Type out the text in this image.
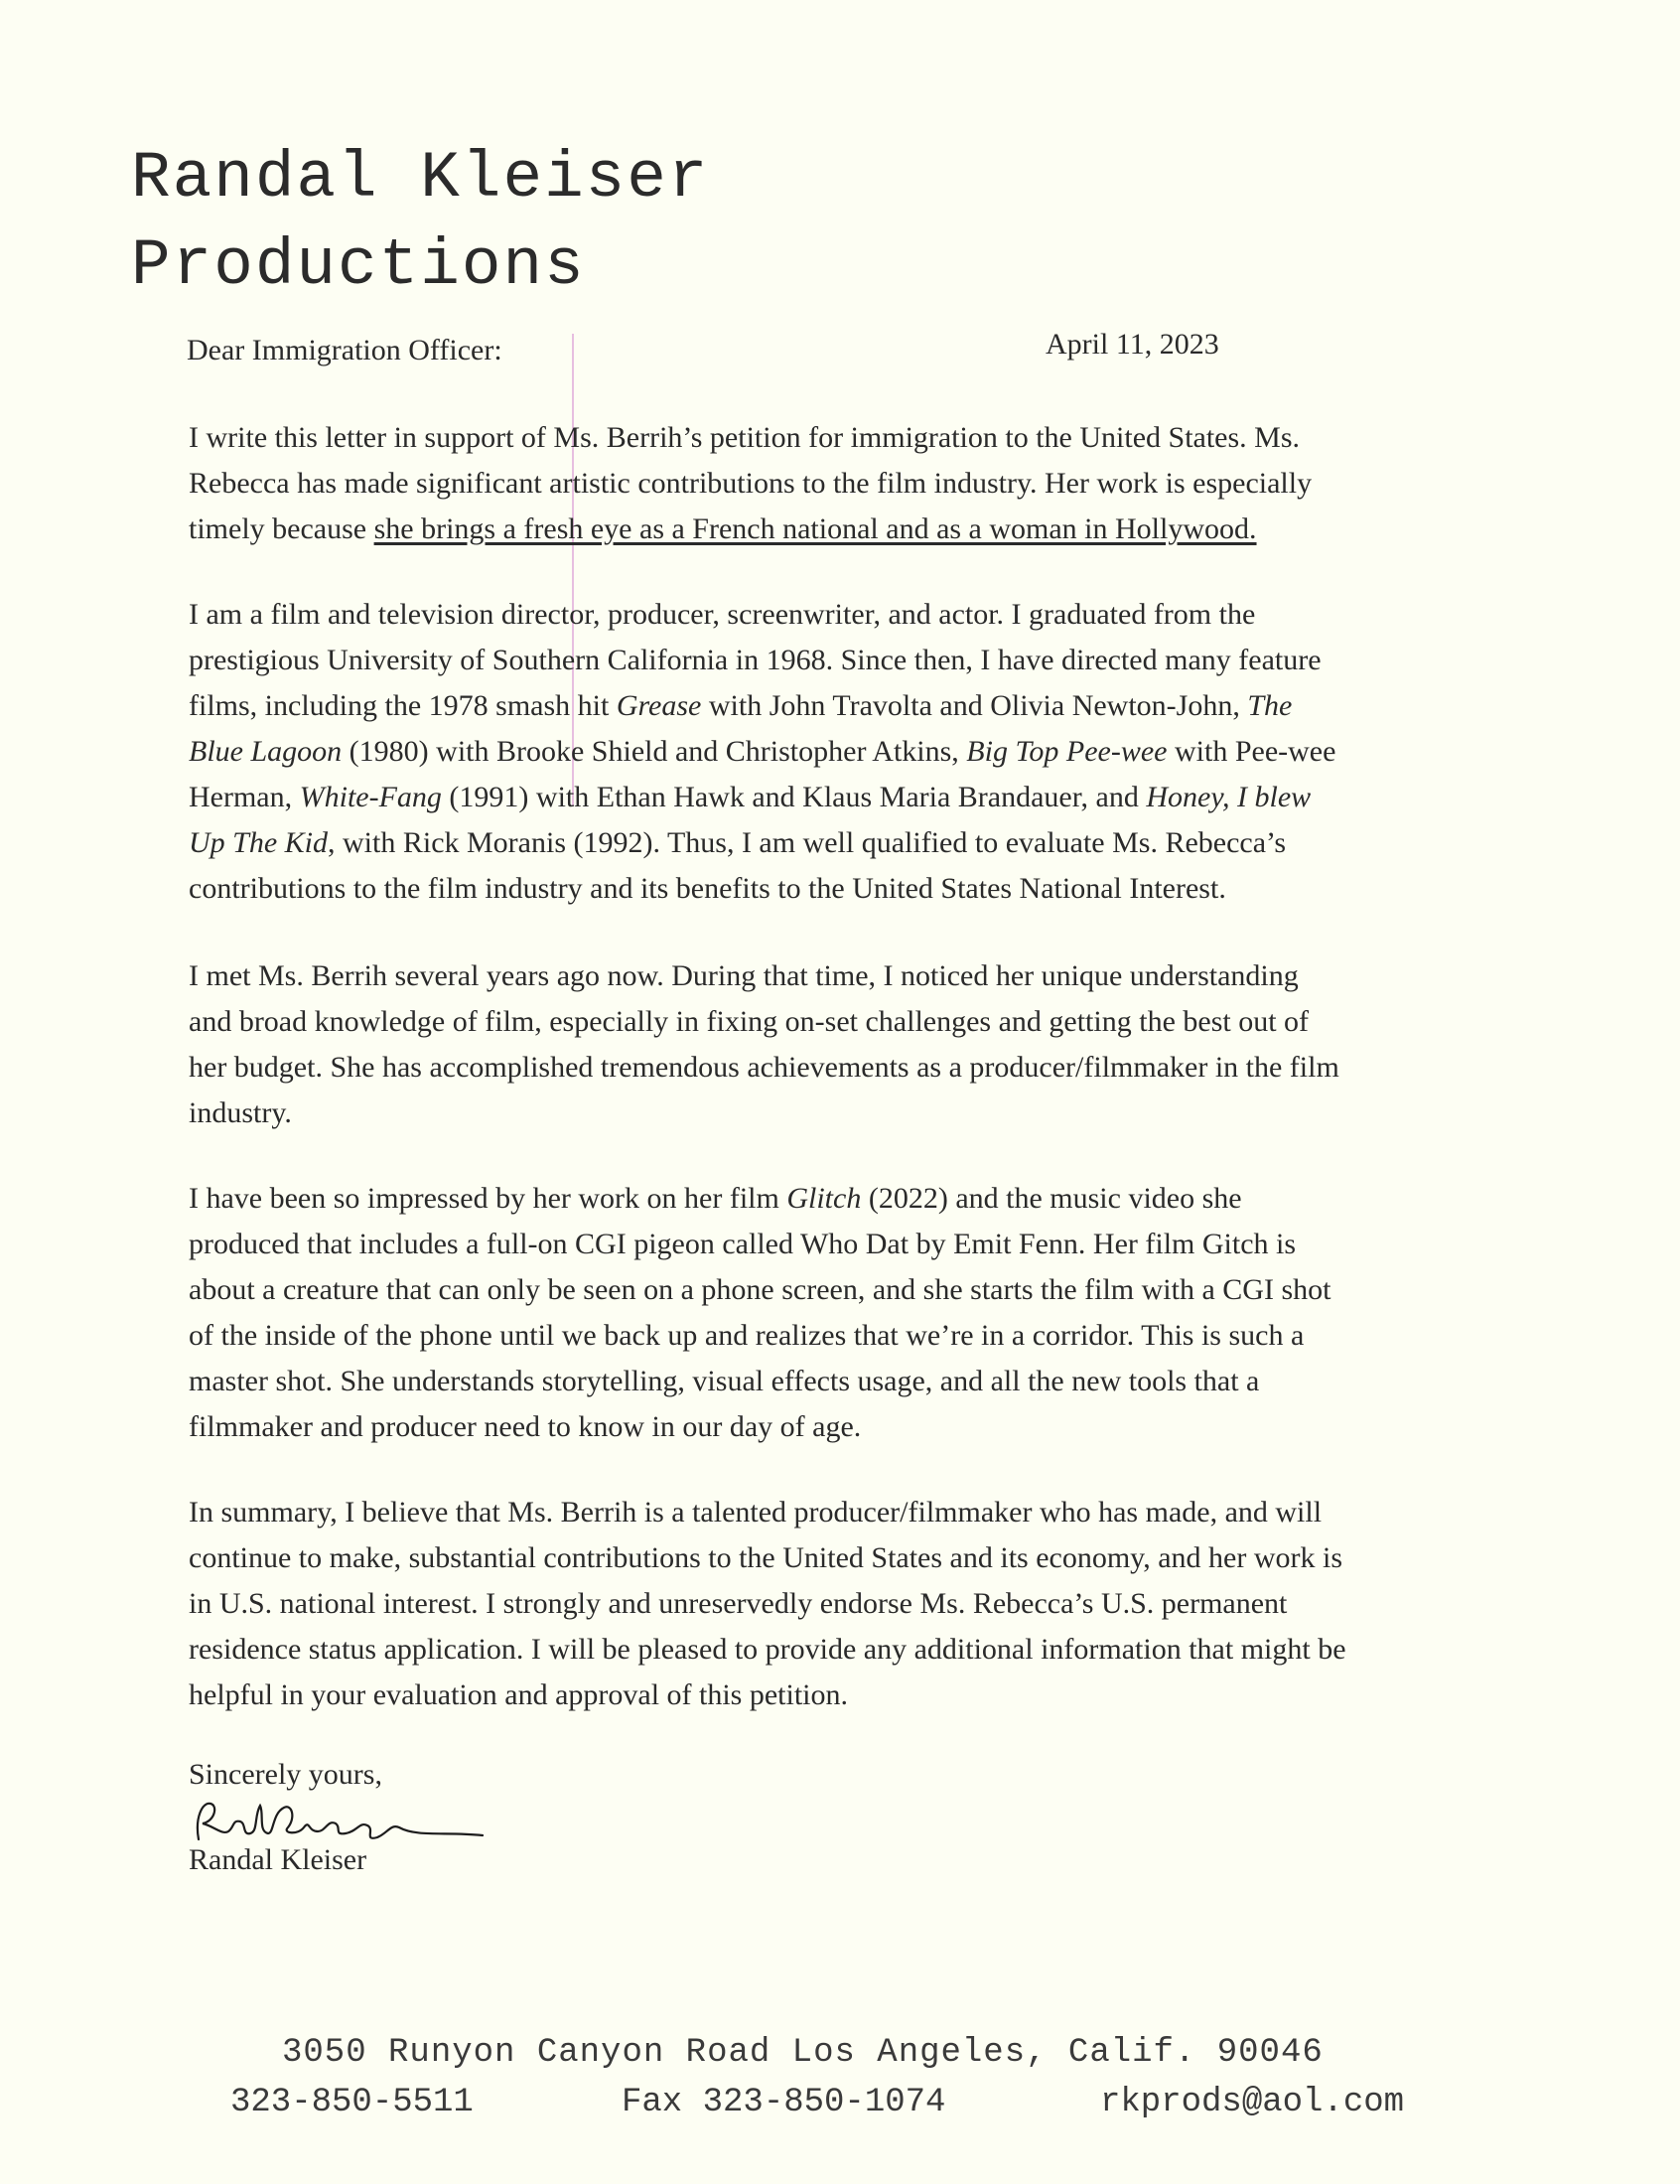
Randal Kleiser
Productions
Dear Immigration Officer:	April 11, 2023

I write this letter in support of Ms. Berrih’s petition for immigration to the United States. Ms.
Rebecca has made significant artistic contributions to the film industry. Her work is especially
timely because she brings a fresh eye as a French national and as a woman in Hollywood.

I am a film and television director, producer, screenwriter, and actor. I graduated from the
prestigious University of Southern California in 1968. Since then, I have directed many feature
films, including the 1978 smash hit Grease with John Travolta and Olivia Newton-John, The
Blue Lagoon (1980) with Brooke Shield and Christopher Atkins, Big Top Pee-wee with Pee-wee
Herman, White-Fang (1991) with Ethan Hawk and Klaus Maria Brandauer, and Honey, I blew
Up The Kid, with Rick Moranis (1992). Thus, I am well qualified to evaluate Ms. Rebecca’s
contributions to the film industry and its benefits to the United States National Interest.

I met Ms. Berrih several years ago now. During that time, I noticed her unique understanding
and broad knowledge of film, especially in fixing on-set challenges and getting the best out of
her budget. She has accomplished tremendous achievements as a producer/filmmaker in the film
industry.

I have been so impressed by her work on her film Glitch (2022) and the music video she
produced that includes a full-on CGI pigeon called Who Dat by Emit Fenn. Her film Gitch is
about a creature that can only be seen on a phone screen, and she starts the film with a CGI shot
of the inside of the phone until we back up and realizes that we’re in a corridor. This is such a
master shot. She understands storytelling, visual effects usage, and all the new tools that a
filmmaker and producer need to know in our day of age.

In summary, I believe that Ms. Berrih is a talented producer/filmmaker who has made, and will
continue to make, substantial contributions to the United States and its economy, and her work is
in U.S. national interest. I strongly and unreservedly endorse Ms. Rebecca’s U.S. permanent
residence status application. I will be pleased to provide any additional information that might be
helpful in your evaluation and approval of this petition.

Sincerely yours,
Randal Kleiser
3050 Runyon Canyon Road Los Angeles, Calif. 90046
323-850-5511	Fax 323-850-1074	rkprods@aol.com
